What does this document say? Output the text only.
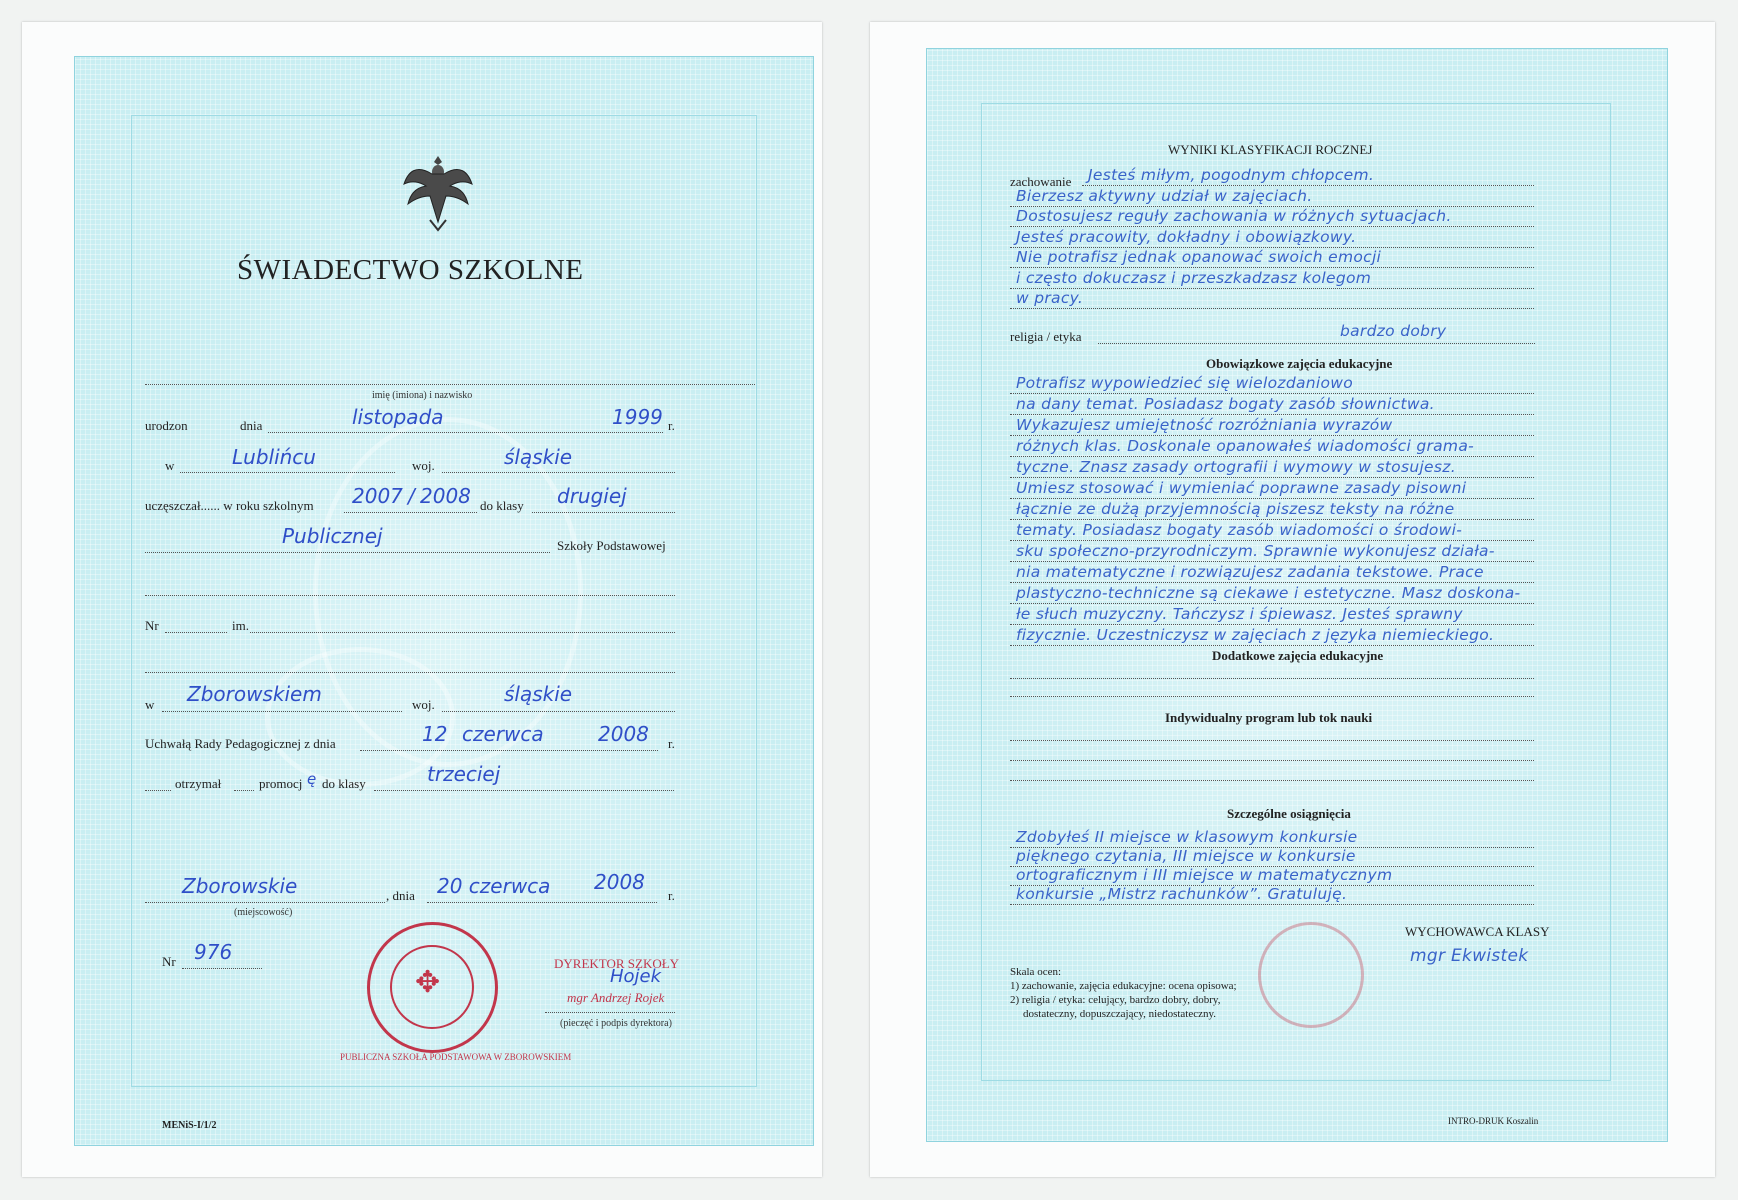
ŚWIADECTWO SZKOLNE
imię (imiona) i nazwisko
urodzon	dnia	listopada	1999 r.
w	Lublińcu	woj.	śląskie
uczęszczał...... w roku szkolnym 2007 / 2008 do klasy drugiej
Publicznej	Szkoły Podstawowej
Nr	im.
w Zborowskiem	woj.	śląskie
Uchwałą Rady Pedagogicznej z dnia	12 czerwca	2008 r.
otrzymał	promocj ę do klasy	trzeciej
Zborowskie	, dnia 20 czerwca 2008
r.
(miejscowość)
Nr 976
✥
PUBLICZNA SZKOŁA PODSTAWOWA W ZBOROWSKIEM
DYREKTOR SZKOŁY
Hojek
mgr Andrzej Rojek
(pieczęć i podpis dyrektora)
MENiS-I/1/2
WYNIKI KLASYFIKACJI ROCZNEJ
zachowanie
religia / etyka	bardzo dobry
Obowiązkowe zajęcia edukacyjne
Dodatkowe zajęcia edukacyjne
Indywidualny program lub tok nauki
Szczególne osiągnięcia
WYCHOWAWCA KLASY
mgr Ekwistek
Skala ocen:
1) zachowanie, zajęcia edukacyjne: ocena opisowa;
2) religia / etyka: celujący, bardzo dobry, dobry,
dostateczny, dopuszczający, niedostateczny.
INTRO-DRUK Koszalin
Jesteś miłym, pogodnym chłopcem.
Bierzesz aktywny udział w zajęciach.
Dostosujesz reguły zachowania w różnych sytuacjach.
Jesteś pracowity, dokładny i obowiązkowy.
Nie potrafisz jednak opanować swoich emocji
i często dokuczasz i przeszkadzasz kolegom
w pracy.
Potrafisz wypowiedzieć się wielozdaniowo
na dany temat. Posiadasz bogaty zasób słownictwa.
Wykazujesz umiejętność rozróżniania wyrazów
różnych klas. Doskonale opanowałeś wiadomości grama-
tyczne. Znasz zasady ortografii i wymowy w stosujesz.
Umiesz stosować i wymieniać poprawne zasady pisowni
łącznie ze dużą przyjemnością piszesz teksty na różne
tematy. Posiadasz bogaty zasób wiadomości o środowi-
sku społeczno-przyrodniczym. Sprawnie wykonujesz działa-
nia matematyczne i rozwiązujesz zadania tekstowe. Prace
plastyczno-techniczne są ciekawe i estetyczne. Masz doskona-
łe słuch muzyczny. Tańczysz i śpiewasz. Jesteś sprawny
fizycznie. Uczestniczysz w zajęciach z języka niemieckiego.
Zdobyłeś II miejsce w klasowym konkursie
pięknego czytania, III miejsce w konkursie
ortograficznym i III miejsce w matematycznym
konkursie „Mistrz rachunków”. Gratuluję.
